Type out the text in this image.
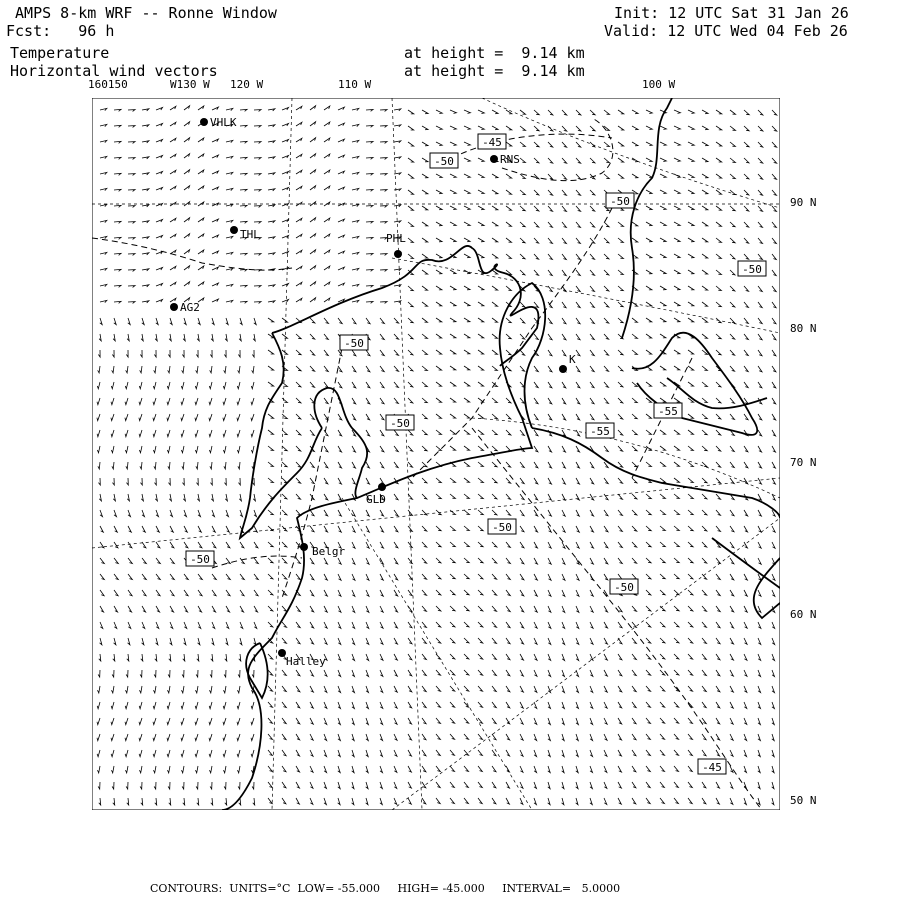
AMPS 8-km WRF -- Ronne Window
Fcst: 96 h
Temperature
Horizontal wind vectors
at height =  9.14 km
at height =  9.14 km
Init: 12 UTC Sat 31 Jan 26
Valid: 12 UTC Wed 04 Feb 26
160150	W130 W 120 W	110 W	100 W
90 N
80 N
70 N
60 N
50 N
-45
-50
-50
-50
-50
-50
-55
-55
-50
-50
-50
-45
VHLK
RNS
THL	PHL
AG2
GLD
Belgr
Halley
K
CONTOURS:  UNITS=°C  LOW= -55.000     HIGH= -45.000     INTERVAL=   5.0000
